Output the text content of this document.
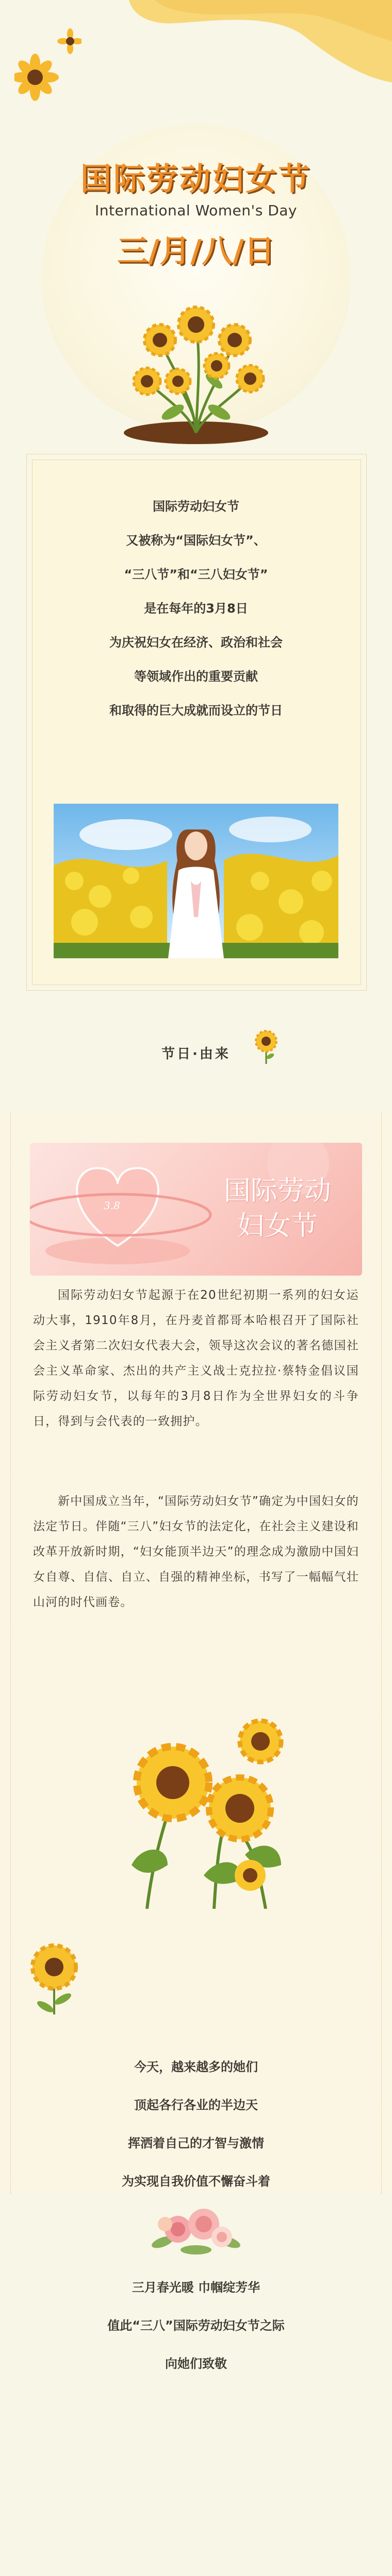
国际劳动妇女节
International Women's Day
三/月/八/日

国际劳动妇女节

又被称为“国际妇女节”、

“三八节”和“三八妇女节”

是在每年的3月8日

为庆祝妇女在经济、政治和社会

等领域作出的重要贡献

和取得的巨大成就而设立的节日

节日·由来
3.8	国际劳动
妇女节

国际劳动妇女节起源于在20世纪初期一系列的妇女运动大事，1910年8月，在丹麦首都哥本哈根召开了国际社会主义者第二次妇女代表大会，领导这次会议的著名德国社会主义革命家、杰出的共产主义战士克拉拉·蔡特金倡议国际劳动妇女节，以每年的3月8日作为全世界妇女的斗争日，得到与会代表的一致拥护。

新中国成立当年，“国际劳动妇女节”确定为中国妇女的法定节日。伴随“三八”妇女节的法定化，在社会主义建设和改革开放新时期，“妇女能顶半边天”的理念成为激励中国妇女自尊、自信、自立、自强的精神坐标，书写了一幅幅气壮山河的时代画卷。

今天，越来越多的她们
顶起各行各业的半边天
挥洒着自己的才智与激情
为实现自我价值不懈奋斗着
三月春光暖 巾帼绽芳华
值此“三八”国际劳动妇女节之际
向她们致敬
